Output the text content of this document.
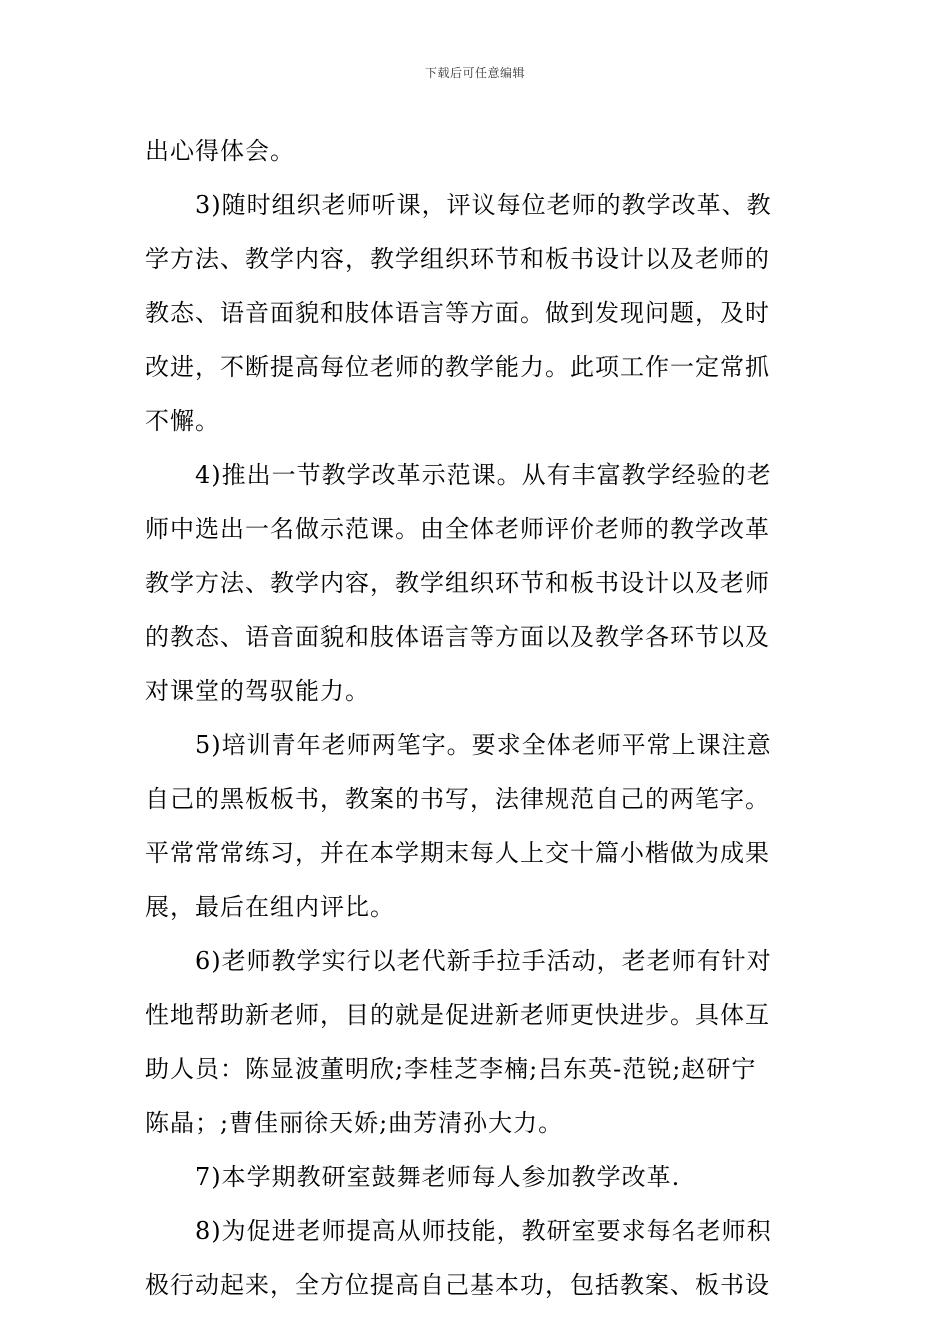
下载后可任意编辑
出心得体会。
3)随时组织老师听课，评议每位老师的教学改革、教
学方法、教学内容，教学组织环节和板书设计以及老师的
教态、语音面貌和肢体语言等方面。做到发现问题，及时
改进，不断提高每位老师的教学能力。此项工作一定常抓
不懈。
4)推出一节教学改革示范课。从有丰富教学经验的老
师中选出一名做示范课。由全体老师评价老师的教学改革
教学方法、教学内容，教学组织环节和板书设计以及老师
的教态、语音面貌和肢体语言等方面以及教学各环节以及
对课堂的驾驭能力。
5)培训青年老师两笔字。要求全体老师平常上课注意
自己的黑板板书，教案的书写，法律规范自己的两笔字。
平常常常练习，并在本学期末每人上交十篇小楷做为成果
展，最后在组内评比。
6)老师教学实行以老代新手拉手活动，老老师有针对
性地帮助新老师，目的就是促进新老师更快进步。具体互
助人员：陈显波董明欣;李桂芝李楠;吕东英-范锐;赵研宁
陈晶；;曹佳丽徐天娇;曲芳清孙大力。
7)本学期教研室鼓舞老师每人参加教学改革.
8)为促进老师提高从师技能，教研室要求每名老师积
极行动起来，全方位提高自己基本功，包括教案、板书设
